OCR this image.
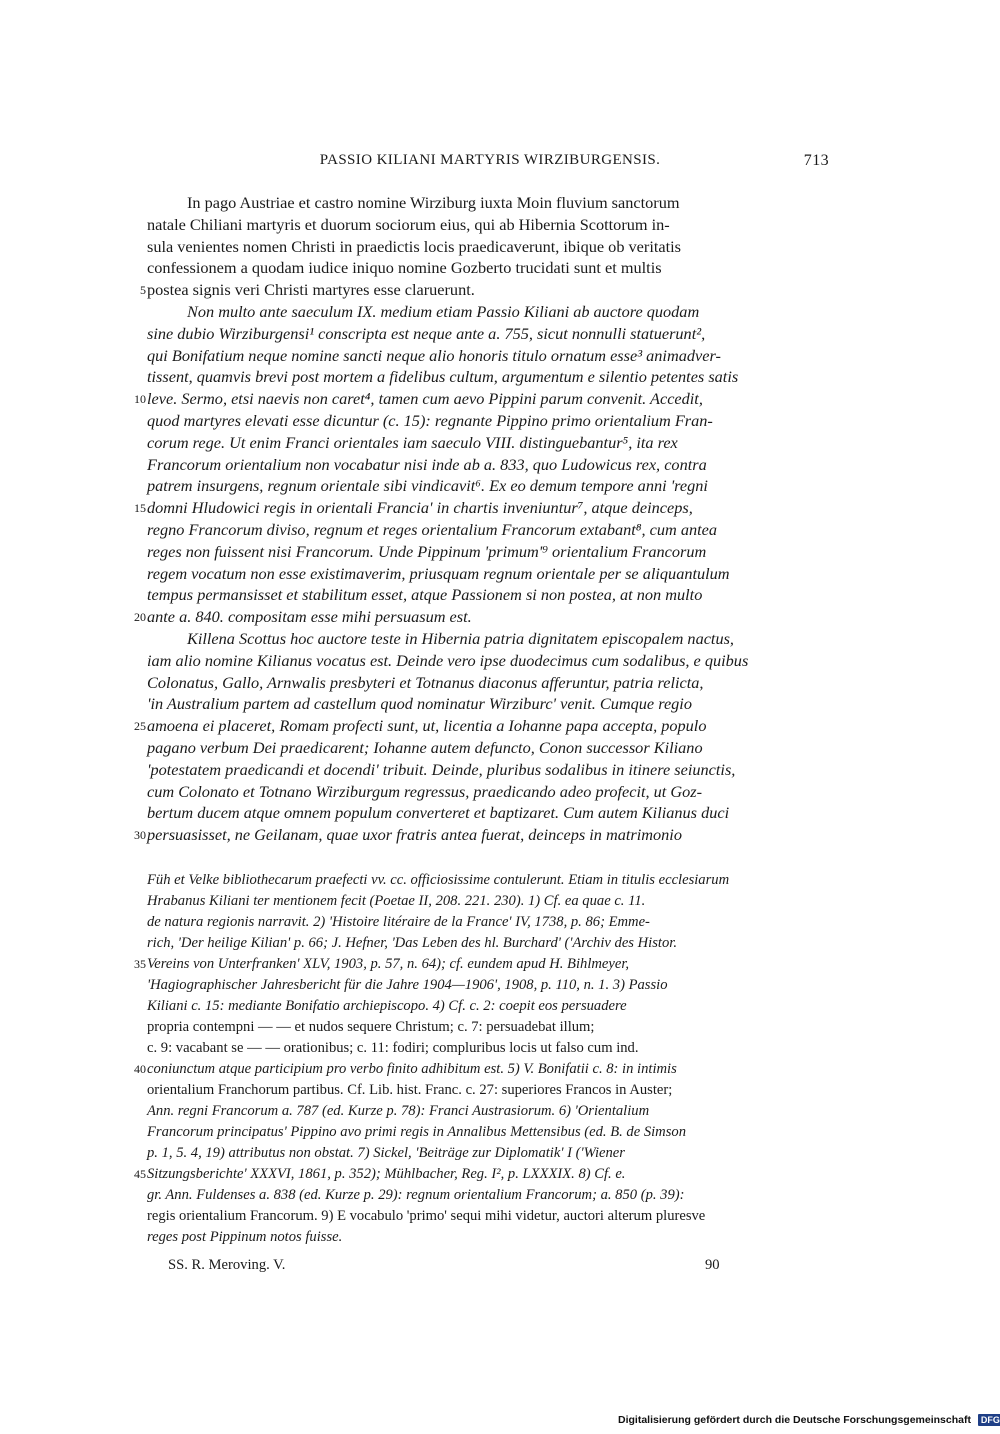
PASSIO KILIANI MARTYRIS WIRZIBURGENSIS.	713
In pago Austriae et castro nomine Wirziburg iuxta Moin fluvium sanctorum
natale Chiliani martyris et duorum sociorum eius, qui ab Hibernia Scottorum in-
sula venientes nomen Christi in praedictis locis praedicaverunt, ibique ob veritatis
confessionem a quodam iudice iniquo nomine Gozberto trucidati sunt et multis
postea signis veri Christi martyres esse claruerunt.
5
Non multo ante saeculum IX. medium etiam Passio Kiliani ab auctore quodam
sine dubio Wirziburgensi¹ conscripta est neque ante a. 755, sicut nonnulli statuerunt²,
qui Bonifatium neque nomine sancti neque alio honoris titulo ornatum esse³ animadver-
tissent, quamvis brevi post mortem a fidelibus cultum, argumentum e silentio petentes satis
leve. Sermo, etsi naevis non caret⁴, tamen cum aevo Pippini parum convenit. Accedit,
10
quod martyres elevati esse dicuntur (c. 15): regnante Pippino primo orientalium Fran-
corum rege. Ut enim Franci orientales iam saeculo VIII. distinguebantur⁵, ita rex
Francorum orientalium non vocabatur nisi inde ab a. 833, quo Ludowicus rex, contra
patrem insurgens, regnum orientale sibi vindicavit⁶. Ex eo demum tempore anni 'regni
domni Hludowici regis in orientali Francia' in chartis inveniuntur⁷, atque deinceps,
15
regno Francorum diviso, regnum et reges orientalium Francorum extabant⁸, cum antea
reges non fuissent nisi Francorum. Unde Pippinum 'primum'⁹ orientalium Francorum
regem vocatum non esse existimaverim, priusquam regnum orientale per se aliquantulum
tempus permansisset et stabilitum esset, atque Passionem si non postea, at non multo
ante a. 840. compositam esse mihi persuasum est.
20
Killena Scottus hoc auctore teste in Hibernia patria dignitatem episcopalem nactus,
iam alio nomine Kilianus vocatus est. Deinde vero ipse duodecimus cum sodalibus, e quibus
Colonatus, Gallo, Arnwalis presbyteri et Totnanus diaconus afferuntur, patria relicta,
'in Australium partem ad castellum quod nominatur Wirziburc' venit. Cumque regio
amoena ei placeret, Romam profecti sunt, ut, licentia a Iohanne papa accepta, populo
25
pagano verbum Dei praedicarent; Iohanne autem defuncto, Conon successor Kiliano
'potestatem praedicandi et docendi' tribuit. Deinde, pluribus sodalibus in itinere seiunctis,
cum Colonato et Totnano Wirziburgum regressus, praedicando adeo profecit, ut Goz-
bertum ducem atque omnem populum converteret et baptizaret. Cum autem Kilianus duci
persuasisset, ne Geilanam, quae uxor fratris antea fuerat, deinceps in matrimonio
30
Füh et Velke bibliothecarum praefecti vv. cc. officiosissime contulerunt. Etiam in titulis ecclesiarum
Hrabanus Kiliani ter mentionem fecit (Poetae II, 208. 221. 230). 1) Cf. ea quae c. 11.
de natura regionis narravit. 2) 'Histoire litéraire de la France' IV, 1738, p. 86; Emme-
rich, 'Der heilige Kilian' p. 66; J. Hefner, 'Das Leben des hl. Burchard' ('Archiv des Histor.
Vereins von Unterfranken' XLV, 1903, p. 57, n. 64); cf. eundem apud H. Bihlmeyer,
35
'Hagiographischer Jahresbericht für die Jahre 1904—1906', 1908, p. 110, n. 1. 3) Passio
Kiliani c. 15: mediante Bonifatio archiepiscopo. 4) Cf. c. 2: coepit eos persuadere
propria contempni — — et nudos sequere Christum; c. 7: persuadebat illum;
c. 9: vacabant se — — orationibus; c. 11: fodiri; compluribus locis ut falso cum ind.
coniunctum atque participium pro verbo finito adhibitum est. 5) V. Bonifatii c. 8: in intimis
40
orientalium Franchorum partibus. Cf. Lib. hist. Franc. c. 27: superiores Francos in Auster;
Ann. regni Francorum a. 787 (ed. Kurze p. 78): Franci Austrasiorum. 6) 'Orientalium
Francorum principatus' Pippino avo primi regis in Annalibus Mettensibus (ed. B. de Simson
p. 1, 5. 4, 19) attributus non obstat. 7) Sickel, 'Beiträge zur Diplomatik' I ('Wiener
Sitzungsberichte' XXXVI, 1861, p. 352); Mühlbacher, Reg. I², p. LXXXIX. 8) Cf. e.
45
gr. Ann. Fuldenses a. 838 (ed. Kurze p. 29): regnum orientalium Francorum; a. 850 (p. 39):
regis orientalium Francorum. 9) E vocabulo 'primo' sequi mihi videtur, auctori alterum pluresve
reges post Pippinum notos fuisse.
SS. R. Meroving. V.	90
Digitalisierung gefördert durch die Deutsche Forschungsgemeinschaft DFG
